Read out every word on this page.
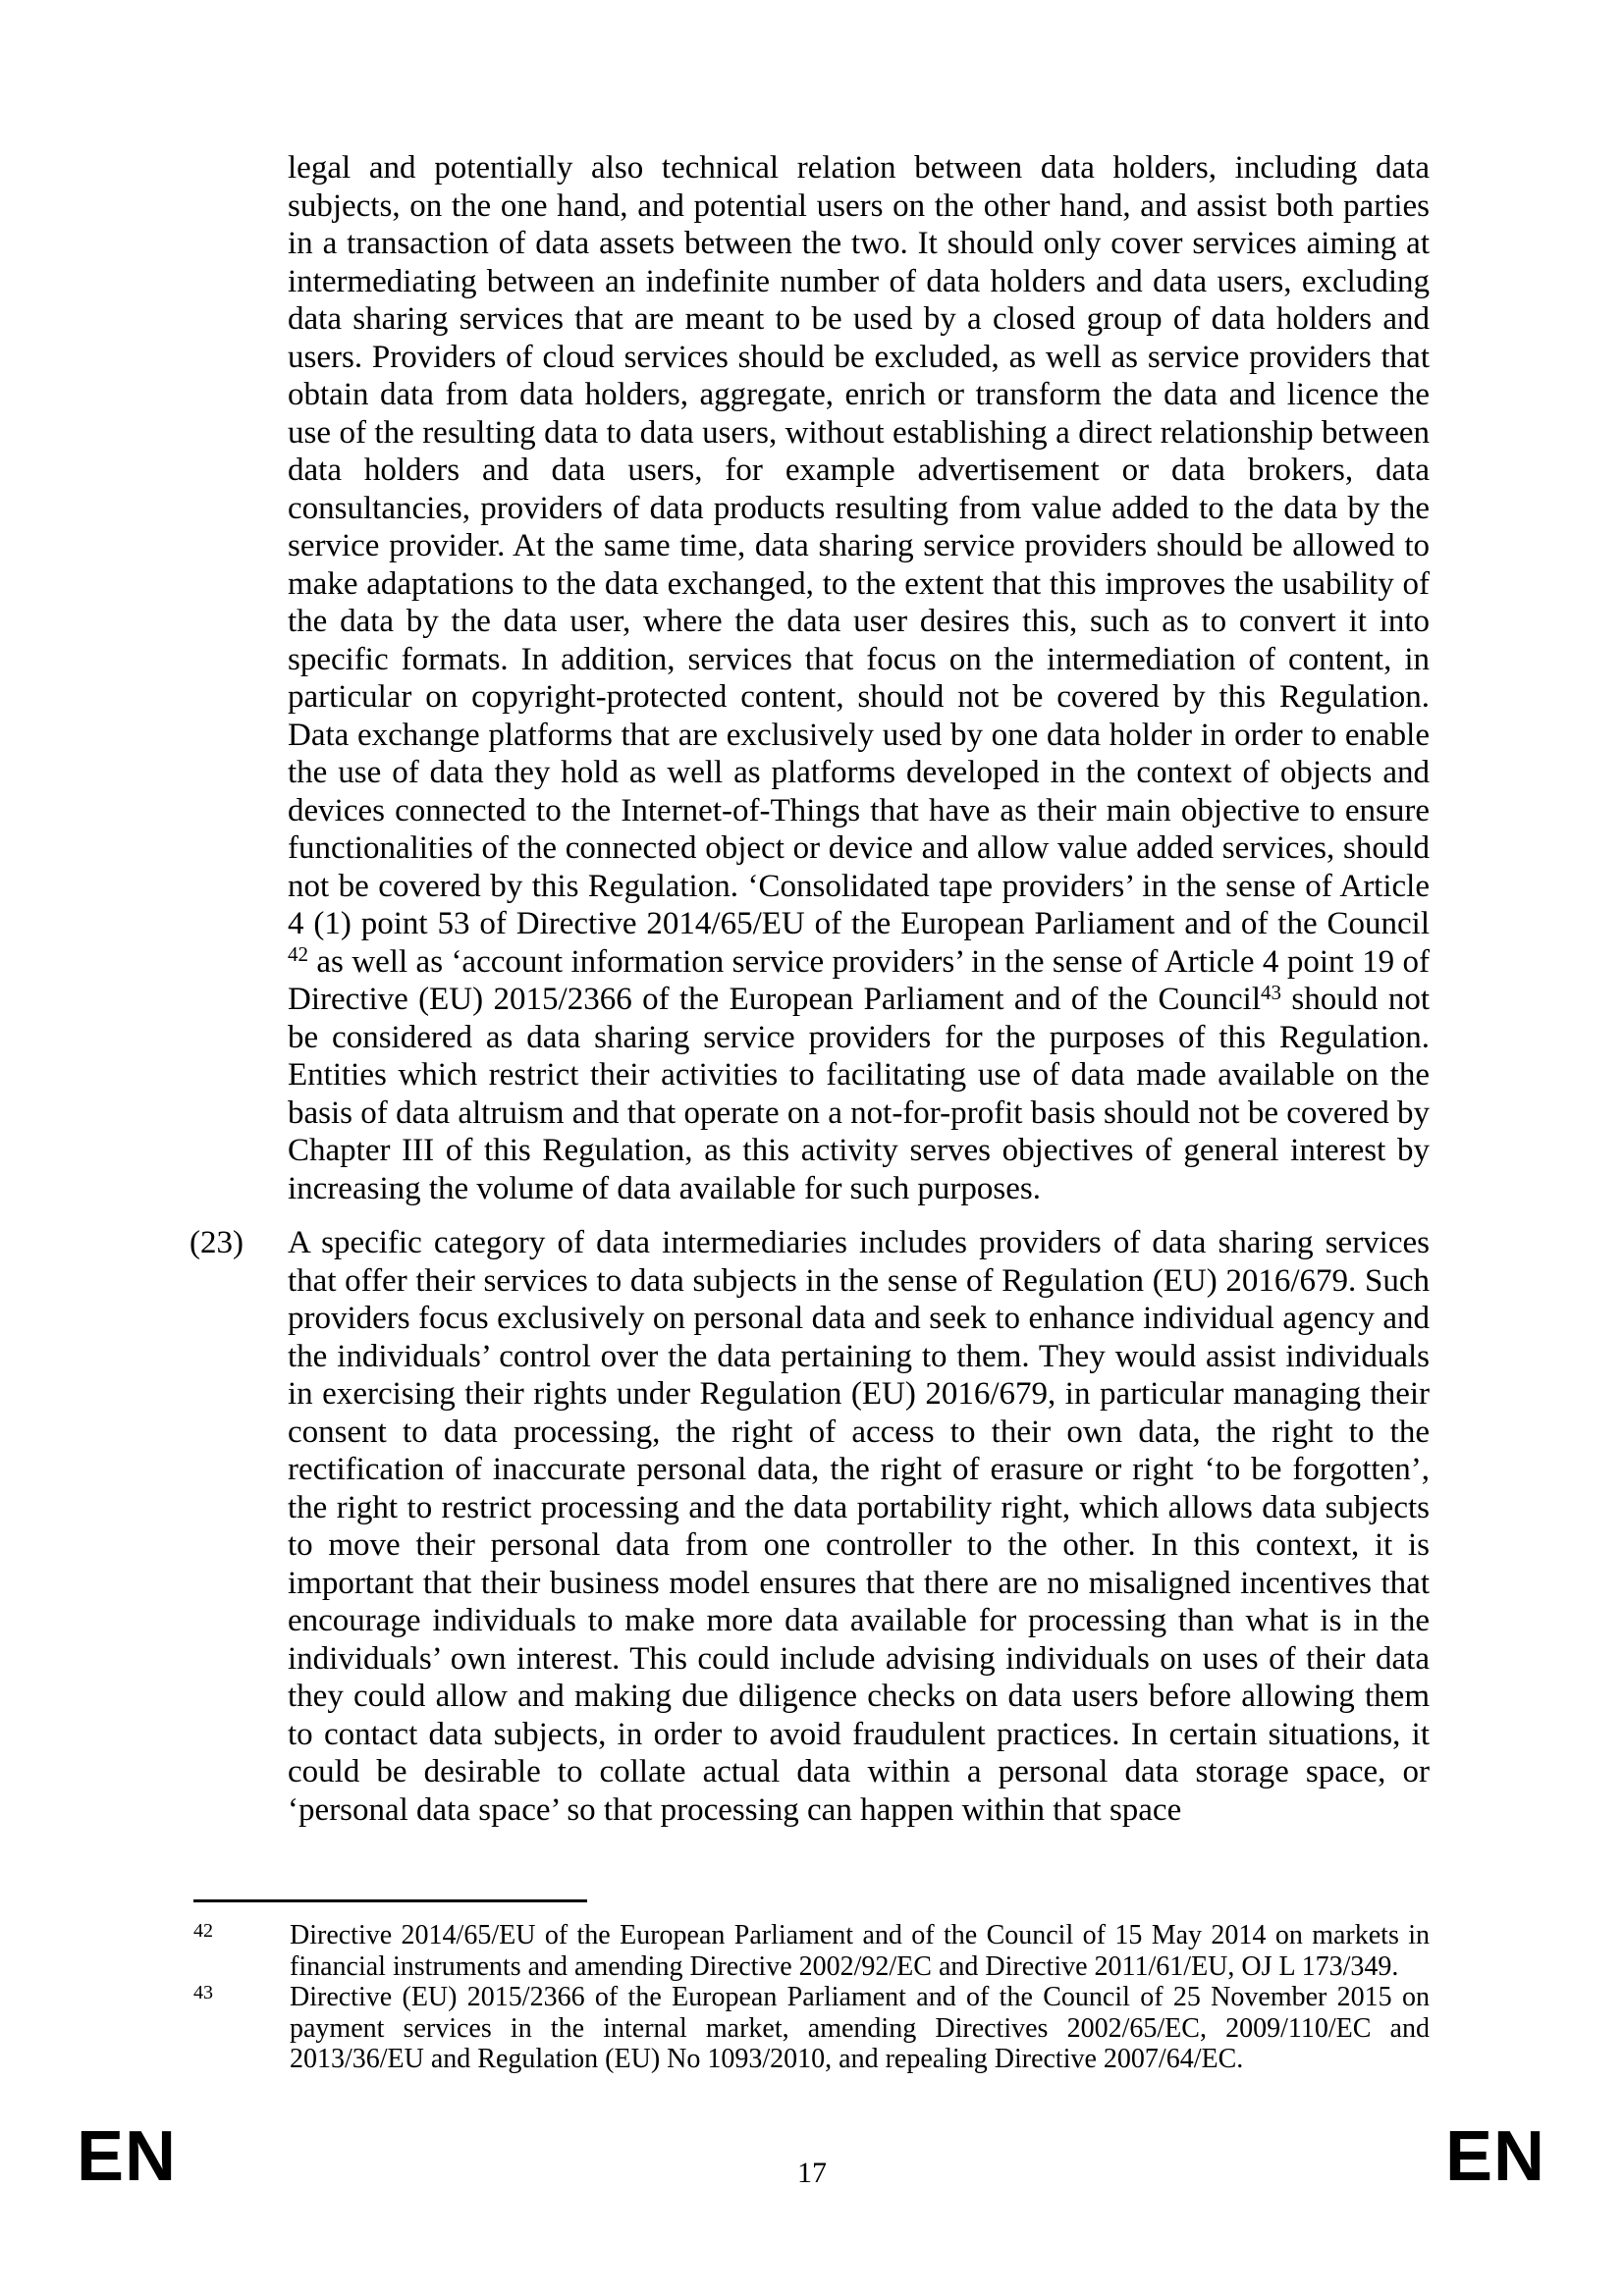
legal and potentially also technical relation between data holders, including data subjects, on the one hand, and potential users on the other hand, and assist both parties in a transaction of data assets between the two. It should only cover services aiming at intermediating between an indefinite number of data holders and data users, excluding data sharing services that are meant to be used by a closed group of data holders and users. Providers of cloud services should be excluded, as well as service providers that obtain data from data holders, aggregate, enrich or transform the data and licence the use of the resulting data to data users, without establishing a direct relationship between data holders and data users, for example advertisement or data brokers, data consultancies, providers of data products resulting from value added to the data by the service provider. At the same time, data sharing service providers should be allowed to make adaptations to the data exchanged, to the extent that this improves the usability of the data by the data user, where the data user desires this, such as to convert it into specific formats. In addition, services that focus on the intermediation of content, in particular on copyright-protected content, should not be covered by this Regulation. Data exchange platforms that are exclusively used by one data holder in order to enable the use of data they hold as well as platforms developed in the context of objects and devices connected to the Internet-of-Things that have as their main objective to ensure functionalities of the connected object or device and allow value added services, should not be covered by this Regulation. ‘Consolidated tape providers’ in the sense of Article 4 (1) point 53 of Directive 2014/65/EU of the European Parliament and of the Council $^{42}$ as well as ‘account information service providers’ in the sense of Article 4 point 19 of Directive (EU) 2015/2366 of the European Parliament and of the Council$^{43}$ should not be considered as data sharing service providers for the purposes of this Regulation. Entities which restrict their activities to facilitating use of data made available on the basis of data altruism and that operate on a not-for-profit basis should not be covered by Chapter III of this Regulation, as this activity serves objectives of general interest by increasing the volume of data available for such purposes.

(23) A specific category of data intermediaries includes providers of data sharing services that offer their services to data subjects in the sense of Regulation (EU) 2016/679. Such providers focus exclusively on personal data and seek to enhance individual agency and the individuals’ control over the data pertaining to them. They would assist individuals in exercising their rights under Regulation (EU) 2016/679, in particular managing their consent to data processing, the right of access to their own data, the right to the rectification of inaccurate personal data, the right of erasure or right ‘to be forgotten’, the right to restrict processing and the data portability right, which allows data subjects to move their personal data from one controller to the other. In this context, it is important that their business model ensures that there are no misaligned incentives that encourage individuals to make more data available for processing than what is in the individuals’ own interest. This could include advising individuals on uses of their data they could allow and making due diligence checks on data users before allowing them to contact data subjects, in order to avoid fraudulent practices. In certain situations, it could be desirable to collate actual data within a personal data storage space, or ‘personal data space’ so that processing can happen within that space

42	Directive 2014/65/EU of the European Parliament and of the Council of 15 May 2014 on markets in financial instruments and amending Directive 2002/92/EC and Directive 2011/61/EU, OJ L 173/349.
43	Directive (EU) 2015/2366 of the European Parliament and of the Council of 25 November 2015 on payment services in the internal market, amending Directives 2002/65/EC, 2009/110/EC and 2013/36/EU and Regulation (EU) No 1093/2010, and repealing Directive 2007/64/EC.
EN	17	EN
